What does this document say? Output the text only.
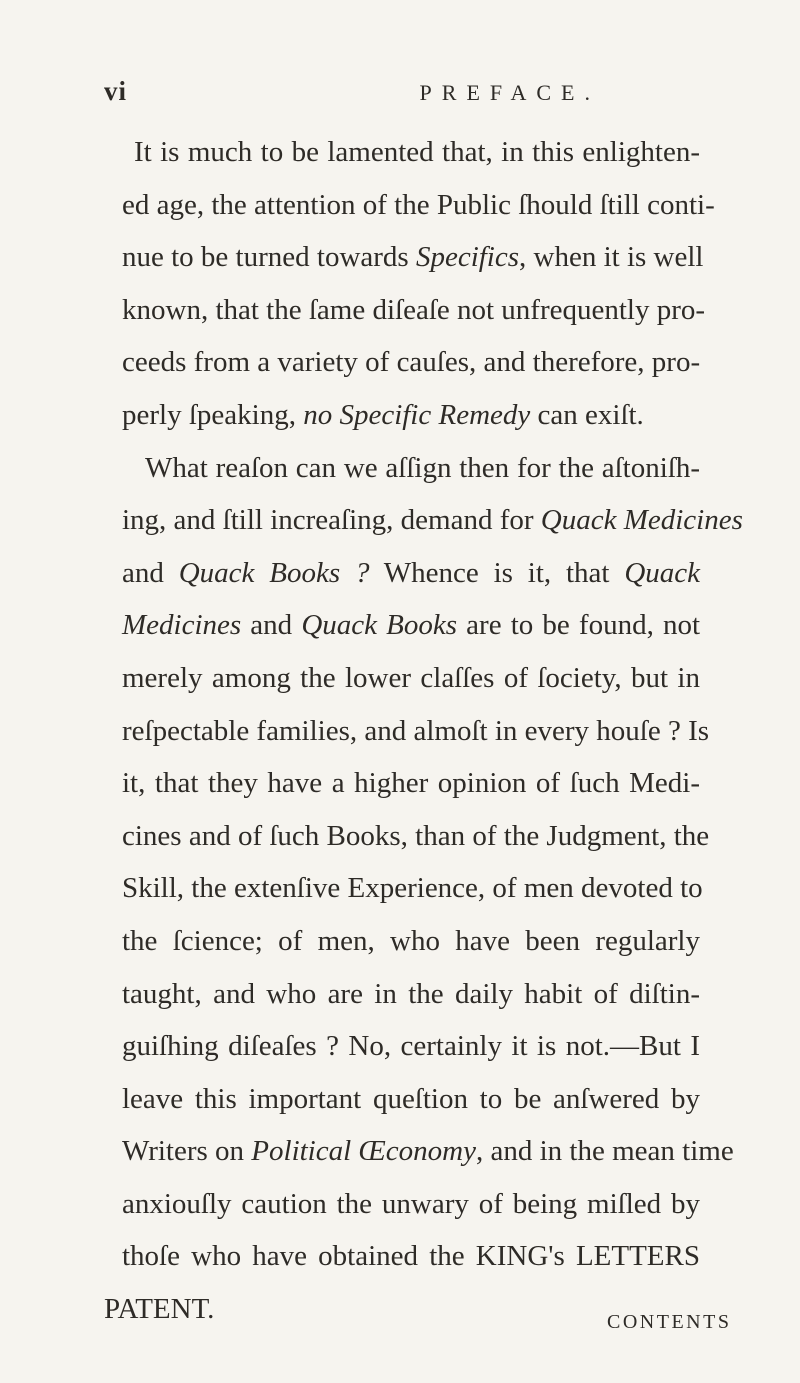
vi	PREFACE.
It is much to be lamented that, in this enlighten-
ed age, the attention of the Public ſhould ſtill conti-
nue to be turned towards Specifics, when it is well
known, that the ſame diſeaſe not unfrequently pro-
ceeds from a variety of cauſes, and therefore, pro-
perly ſpeaking, no Specific Remedy can exiſt.
What reaſon can we aſſign then for the aſtoniſh-
ing, and ſtill increaſing, demand for Quack Medicines
and Quack Books ? Whence is it, that Quack
Medicines and Quack Books are to be found, not
merely among the lower claſſes of ſociety, but in
reſpectable families, and almoſt in every houſe ? Is
it, that they have a higher opinion of ſuch Medi-
cines and of ſuch Books, than of the Judgment, the
Skill, the extenſive Experience, of men devoted to
the ſcience; of men, who have been regularly
taught, and who are in the daily habit of diſtin-
guiſhing diſeaſes ? No, certainly it is not.—But I
leave this important queſtion to be anſwered by
Writers on Political Œconomy, and in the mean time
anxiouſly caution the unwary of being miſled by
thoſe who have obtained the KING's LETTERS
PATENT.	CONTENTS
